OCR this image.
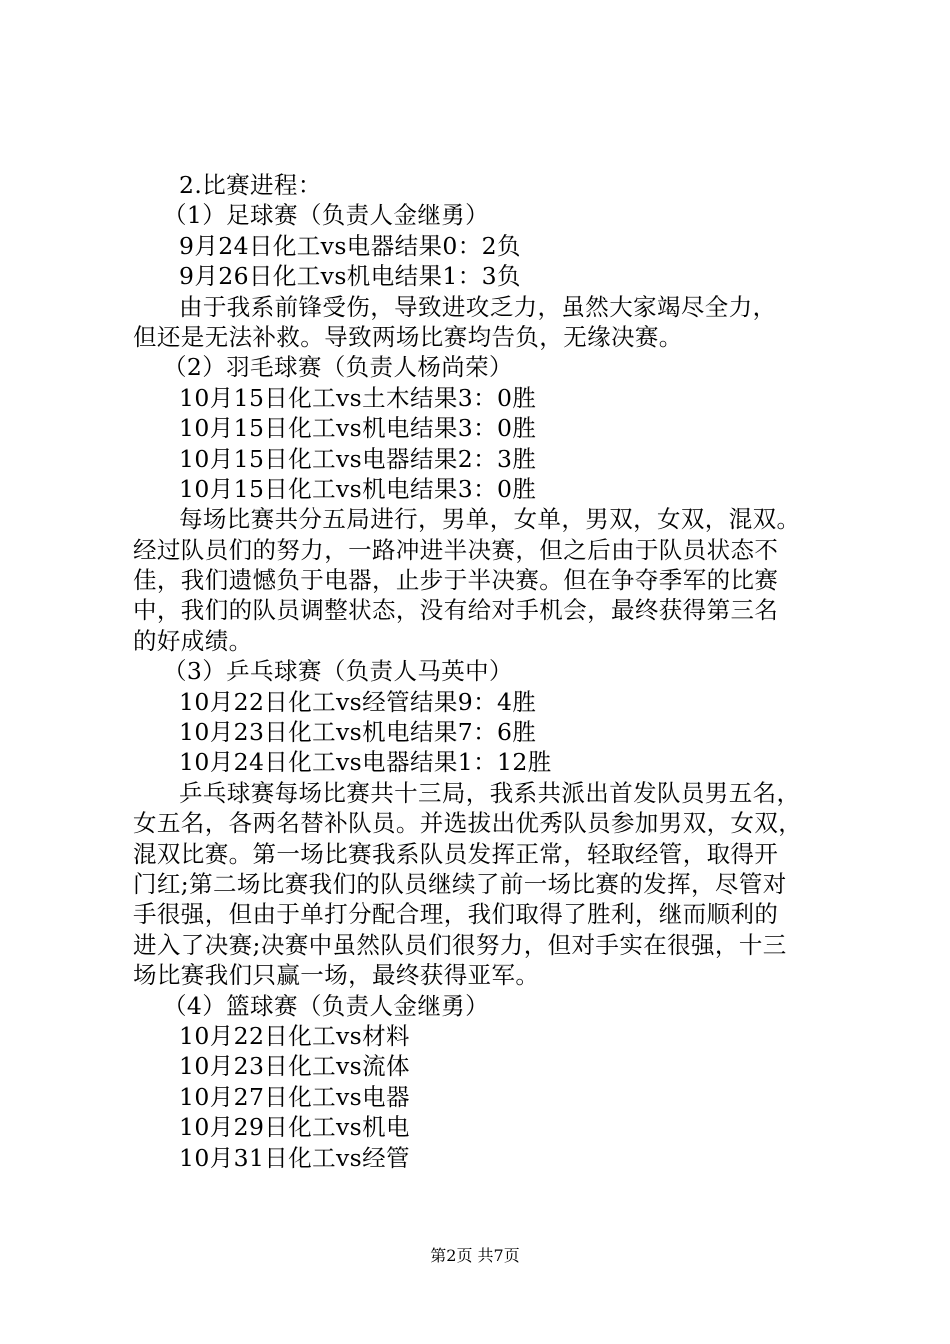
2.比赛进程：
（1）足球赛（负责人金继勇）
9月24日化工vs电器结果0：2负
9月26日化工vs机电结果1：3负
由于我系前锋受伤，导致进攻乏力，虽然大家竭尽全力，
但还是无法补救。导致两场比赛均告负，无缘决赛。
（2）羽毛球赛（负责人杨尚荣）
10月15日化工vs土木结果3：0胜
10月15日化工vs机电结果3：0胜
10月15日化工vs电器结果2：3胜
10月15日化工vs机电结果3：0胜
每场比赛共分五局进行，男单，女单，男双，女双，混双。
经过队员们的努力，一路冲进半决赛，但之后由于队员状态不
佳，我们遗憾负于电器，止步于半决赛。但在争夺季军的比赛
中，我们的队员调整状态，没有给对手机会，最终获得第三名
的好成绩。
（3）乒乓球赛（负责人马英中）
10月22日化工vs经管结果9：4胜
10月23日化工vs机电结果7：6胜
10月24日化工vs电器结果1：12胜
乒乓球赛每场比赛共十三局，我系共派出首发队员男五名，
女五名，各两名替补队员。并选拔出优秀队员参加男双，女双，
混双比赛。第一场比赛我系队员发挥正常，轻取经管，取得开
门红;第二场比赛我们的队员继续了前一场比赛的发挥，尽管对
手很强，但由于单打分配合理，我们取得了胜利，继而顺利的
进入了决赛;决赛中虽然队员们很努力，但对手实在很强，十三
场比赛我们只赢一场，最终获得亚军。
（4）篮球赛（负责人金继勇）
10月22日化工vs材料
10月23日化工vs流体
10月27日化工vs电器
10月29日化工vs机电
10月31日化工vs经管
第2页 共7页
